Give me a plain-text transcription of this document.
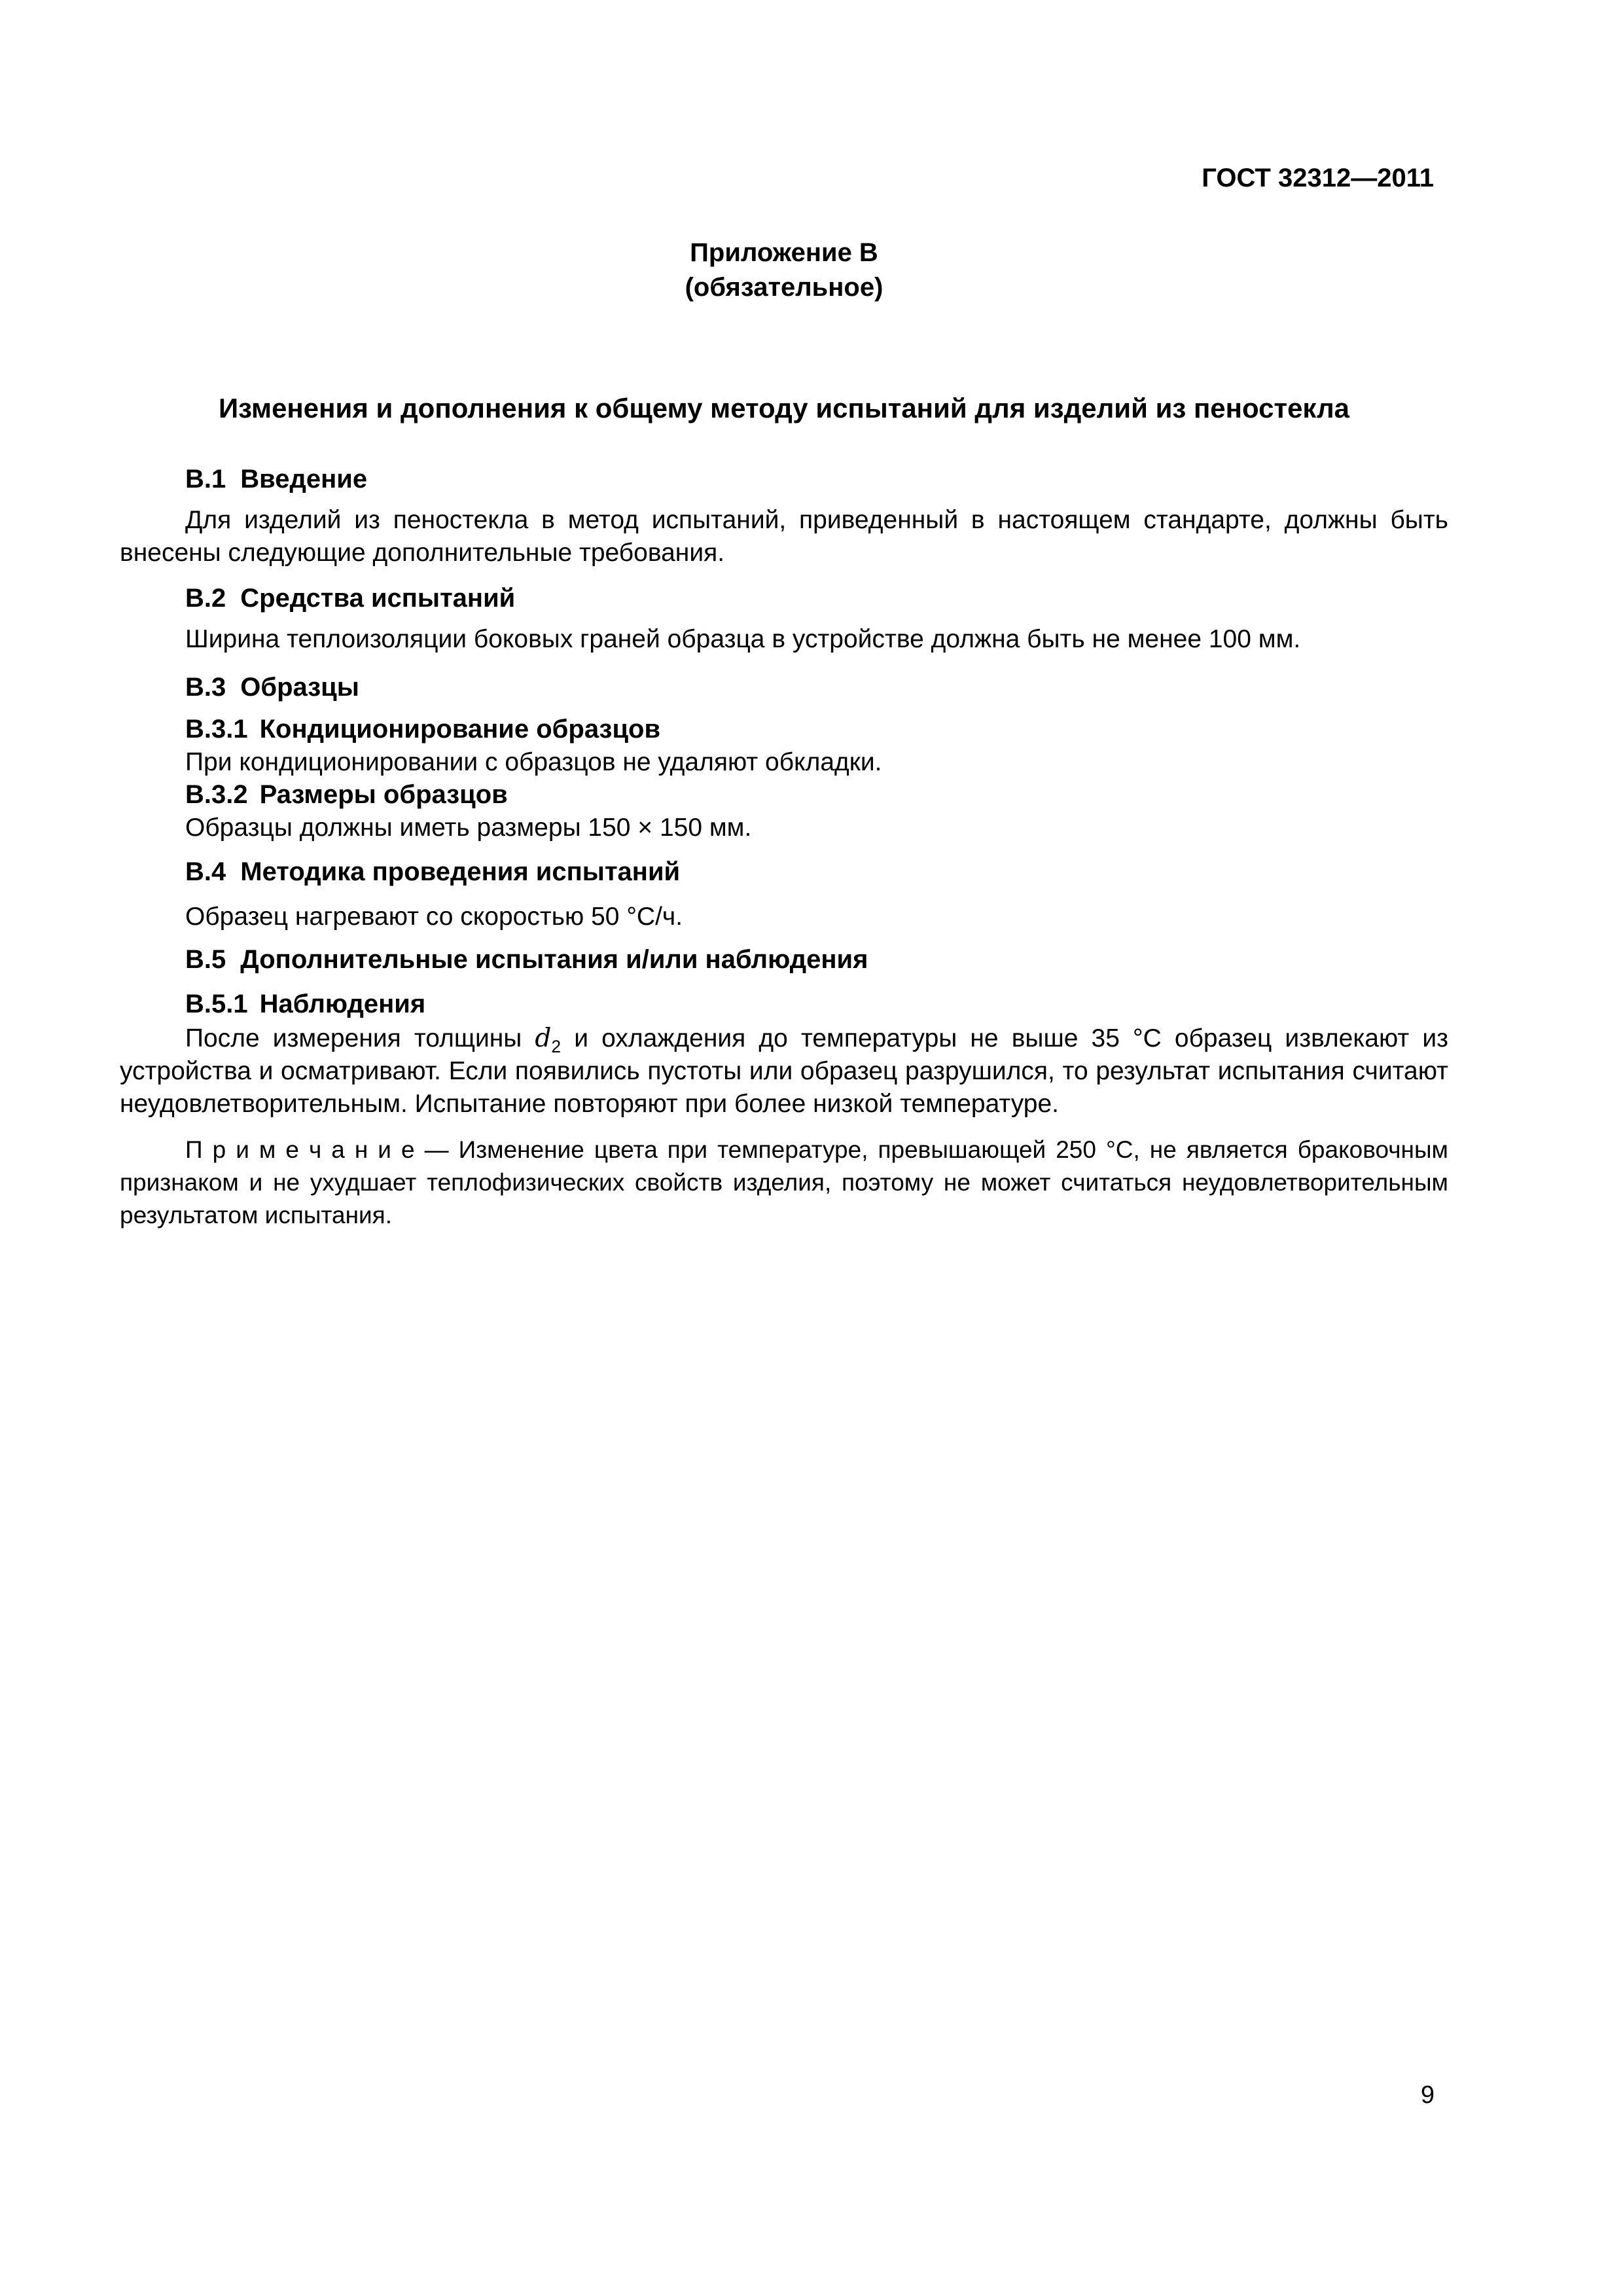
ГОСТ 32312—2011
Приложение В
(обязательное)
Изменения и дополнения к общему методу испытаний для изделий из пеностекла
В.1 Введение

Для изделий из пеностекла в метод испытаний, приведенный в настоящем стандарте, должны быть внесены следующие дополнительные требования.

В.2 Средства испытаний

Ширина теплоизоляции боковых граней образца в устройстве должна быть не менее 100 мм.

В.3 Образцы
В.3.1 Кондиционирование образцов

При кондиционировании с образцов не удаляют обкладки.

В.3.2 Размеры образцов

Образцы должны иметь размеры 150 × 150 мм.

В.4 Методика проведения испытаний

Образец нагревают со скоростью 50 °С/ч.

В.5 Дополнительные испытания и/или наблюдения
В.5.1 Наблюдения

После измерения толщины $d_2$ и охлаждения до температуры не выше 35 °С образец извлекают из устройства и осматривают. Если появились пустоты или образец разрушился, то результат испытания считают неудовлетворительным. Испытание повторяют при более низкой температуре.

П р и м е ч а н и е — Изменение цвета при температуре, превышающей 250 °С, не является браковочным признаком и не ухудшает теплофизических свойств изделия, поэтому не может считаться неудовлетворительным результатом испытания.

9
